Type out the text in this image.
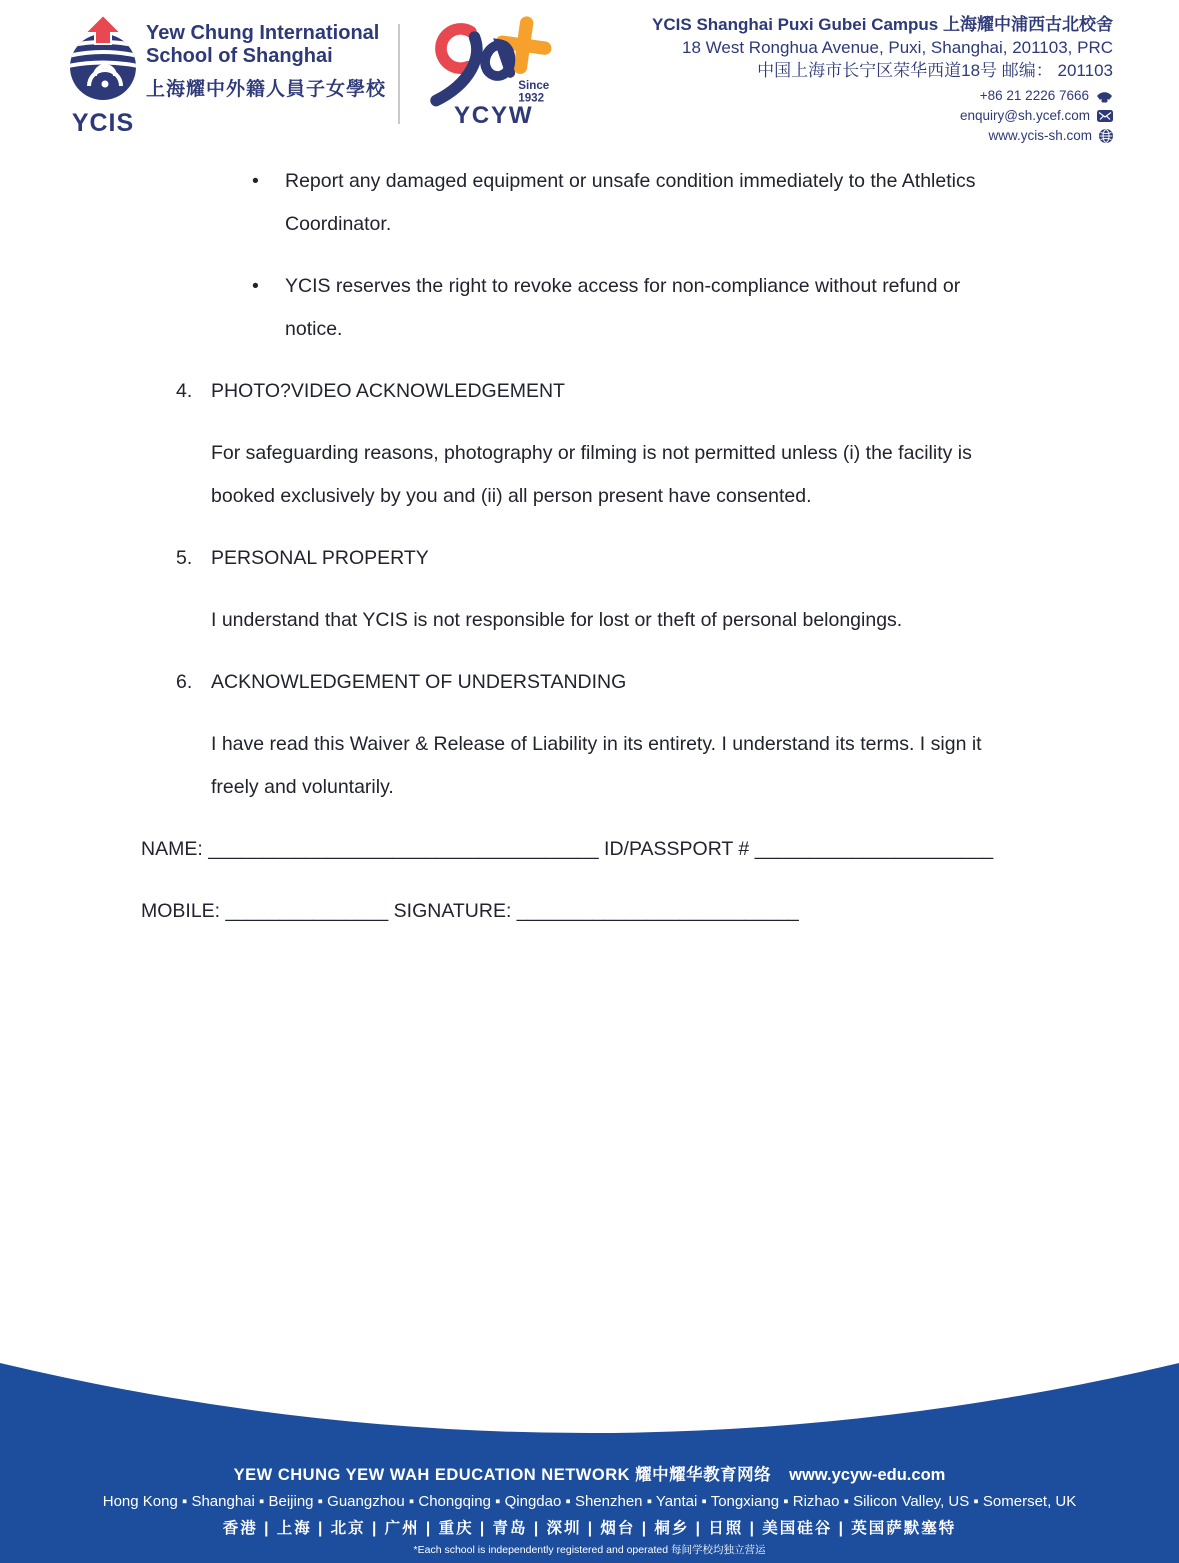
YCIS
Yew Chung International
School of Shanghai
上海耀中外籍人員子女學校	Since
1932
YCYW
YCIS Shanghai Puxi Gubei Campus 上海耀中浦西古北校舍
18 West Ronghua Avenue, Puxi, Shanghai, 201103, PRC
中国上海市长宁区荣华西道18号 邮编： 201103
+86 21 2226 7666
enquiry@sh.ycef.com
www.ycis-sh.com
•	Report any damaged equipment or unsafe condition immediately to the Athletics Coordinator.
•	YCIS reserves the right to revoke access for non-compliance without refund or notice.
4. PHOTO?VIDEO ACKNOWLEDGEMENT
For safeguarding reasons, photography or filming is not permitted unless (i) the facility is booked exclusively by you and (ii) all person present have consented.
5. PERSONAL PROPERTY
I understand that YCIS is not responsible for lost or theft of personal belongings.
6. ACKNOWLEDGEMENT OF UNDERSTANDING
I have read this Waiver & Release of Liability in its entirety. I understand its terms. I sign it freely and voluntarily.
NAME: ____________________________________ ID/PASSPORT # ______________________
MOBILE: _______________ SIGNATURE: __________________________
YEW CHUNG YEW WAH EDUCATION NETWORK 耀中耀华教育网络 www.ycyw-edu.com
Hong Kong ▪ Shanghai ▪ Beijing ▪ Guangzhou ▪ Chongqing ▪ Qingdao ▪ Shenzhen ▪ Yantai ▪ Tongxiang ▪ Rizhao ▪ Silicon Valley, US ▪ Somerset, UK
香港 | 上海 | 北京 | 广州 | 重庆 | 青岛 | 深圳 | 烟台 | 桐乡 | 日照 | 美国硅谷 | 英国萨默塞特
*Each school is independently registered and operated 每间学校均独立营运
